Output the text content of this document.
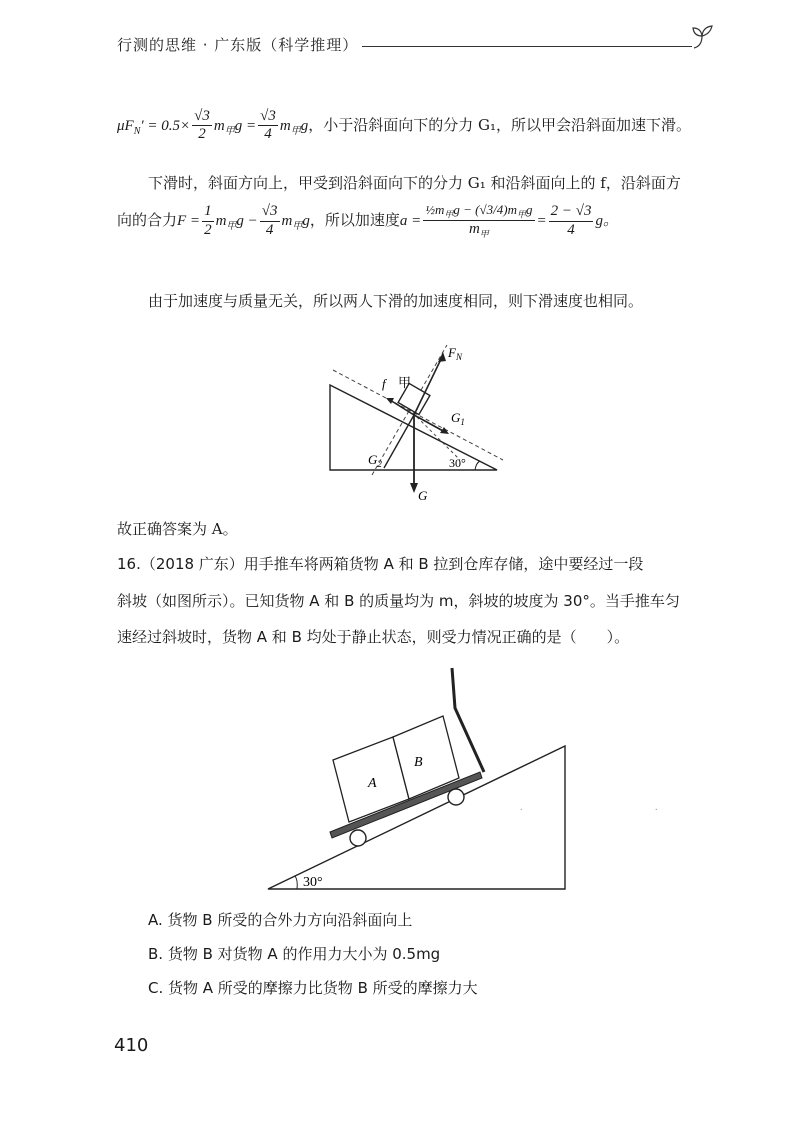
行测的思维 · 广东版（科学推理）
$\mu F_N' = 0.5\times \frac{√3}{2} m_甲g = \frac{√3}{4} m_甲g$，小于沿斜面向下的分力 G₁，所以甲会沿斜面加速下滑。
下滑时，斜面方向上，甲受到沿斜面向下的分力 G₁ 和沿斜面向上的 f，沿斜面方
向的合力$F = \frac{1}{2} m_甲g - \frac{√3}{4} m_甲g$，所以加速度$a = \frac{\frac{1}{2}m_甲g - (√3/4)m_甲g}{m_甲} = \frac{2 - √3}{4}$ g。
由于加速度与质量无关，所以两人下滑的加速度相同，则下滑速度也相同。
$F_N$
f 甲
$G_1$
$G_2$
G
30°
故正确答案为 A。
16.（2018 广东）用手推车将两箱货物 A 和 B 拉到仓库存储，途中要经过一段
斜坡（如图所示）。已知货物 A 和 B 的质量均为 m，斜坡的坡度为 30°。当手推车匀
速经过斜坡时，货物 A 和 B 均处于静止状态，则受力情况正确的是（　　）。
30°
A
B
.	.
A. 货物 B 所受的合外力方向沿斜面向上
B. 货物 B 对货物 A 的作用力大小为 0.5mg
C. 货物 A 所受的摩擦力比货物 B 所受的摩擦力大
410
